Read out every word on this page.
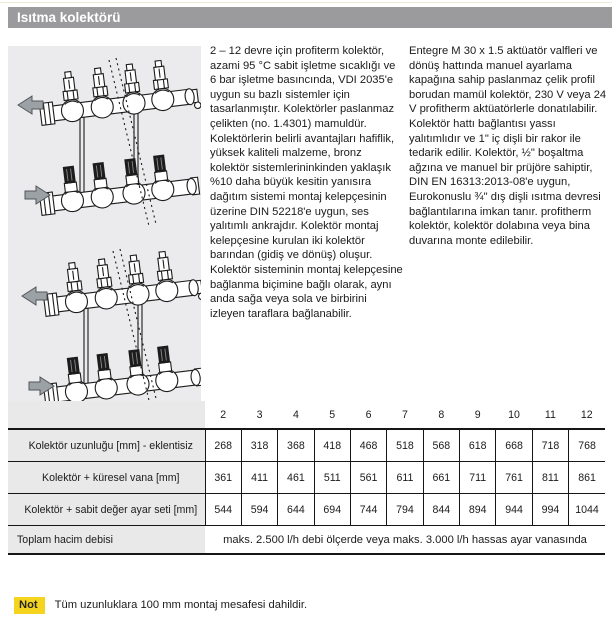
Isıtma kolektörü

2 – 12 devre için profiterm kolektör, azami 95 °C sabit işletme sıcaklığı ve 6 bar işletme basıncında, VDI 2035'e uygun su bazlı sistemler için tasarlanmıştır. Kolektörler paslanmaz çelikten (no. 1.4301) mamuldür. Kolektörlerin belirli avantajları hafiflik, yüksek kaliteli malzeme, bronz kolektör sistemlerininkinden yaklaşık %10 daha büyük kesitin yanısıra dağıtım sistemi montaj kelepçesinin üzerine DIN 52218'e uygun, ses yalıtımlı ankrajdır. Kolektör montaj kelepçesine kurulan iki kolektör barından (gidiş ve dönüş) oluşur. Kolektör sisteminin montaj kelepçesine bağlanma biçimine bağlı olarak, aynı anda sağa veya sola ve birbirini izleyen taraflara bağlanabilir.

Entegre M 30 x 1.5 aktüatör valfleri ve dönüş hattında manuel ayarlama kapağına sahip paslanmaz çelik profil borudan mamül kolektör, 230 V veya 24 V profitherm aktüatörlerle donatılabilir. Kolektör hattı bağlantısı yassı yalıtımlıdır ve 1" iç dişli bir rakor ile tedarik edilir. Kolektör, ½" boşaltma ağzına ve manuel bir prüjöre sahiptir, DIN EN 16313:2013-08'e uygun, Eurokonuslu ¾" dış dişli ısıtma devresi bağlantılarına imkan tanır. profitherm kolektör, kolektör dolabına veya bina duvarına monte edilebilir.

	2	3	4	5	6	7	8	9	10	11	12
Kolektör uzunluğu [mm] - eklentisiz	268	318	368	418	468	518	568	618	668	718	768
Kolektör + küresel vana [mm]	361	411	461	511	561	611	661	711	761	811	861
Kolektör + sabit değer ayar seti [mm]	544	594	644	694	744	794	844	894	944	994	1044
Toplam hacim debisi	maks. 2.500 l/h debi ölçerde veya maks. 3.000 l/h hassas ayar vanasında										
Not	Tüm uzunluklara 100 mm montaj mesafesi dahildir.
